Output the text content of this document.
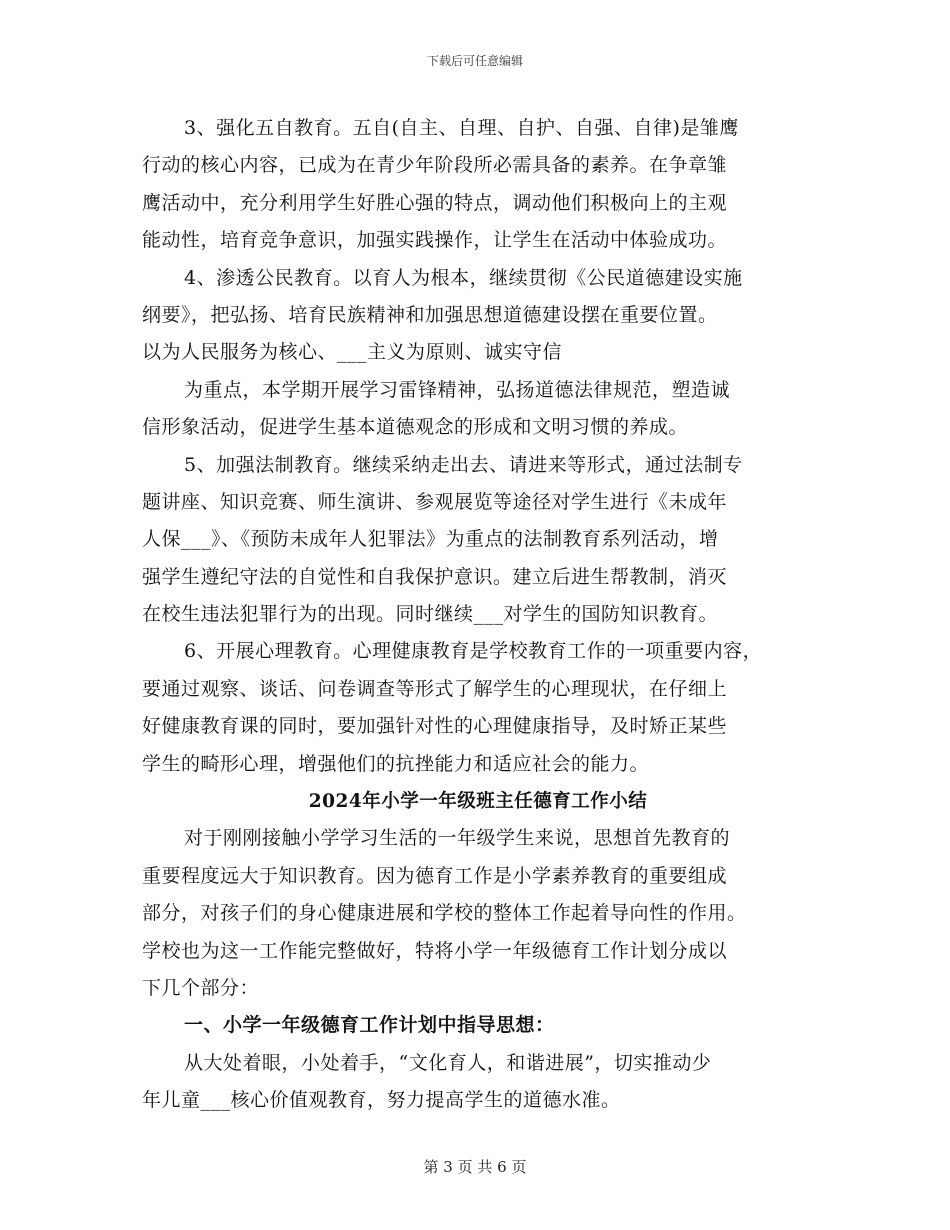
下载后可任意编辑
3、强化五自教育。五自(自主、自理、自护、自强、自律)是雏鹰
行动的核心内容，已成为在青少年阶段所必需具备的素养。在争章雏
鹰活动中，充分利用学生好胜心强的特点，调动他们积极向上的主观
能动性，培育竞争意识，加强实践操作，让学生在活动中体验成功。
4、渗透公民教育。以育人为根本，继续贯彻《公民道德建设实施
纲要》，把弘扬、培育民族精神和加强思想道德建设摆在重要位置。
以为人民服务为核心、___主义为原则、诚实守信
为重点，本学期开展学习雷锋精神，弘扬道德法律规范，塑造诚
信形象活动，促进学生基本道德观念的形成和文明习惯的养成。
5、加强法制教育。继续采纳走出去、请进来等形式，通过法制专
题讲座、知识竞赛、师生演讲、参观展览等途径对学生进行《未成年
人保___》、《预防未成年人犯罪法》为重点的法制教育系列活动，增
强学生遵纪守法的自觉性和自我保护意识。建立后进生帮教制，消灭
在校生违法犯罪行为的出现。同时继续___对学生的国防知识教育。
6、开展心理教育。心理健康教育是学校教育工作的一项重要内容，
要通过观察、谈话、问卷调查等形式了解学生的心理现状，在仔细上
好健康教育课的同时，要加强针对性的心理健康指导，及时矫正某些
学生的畸形心理，增强他们的抗挫能力和适应社会的能力。
2024年小学一年级班主任德育工作小结
对于刚刚接触小学学习生活的一年级学生来说，思想首先教育的
重要程度远大于知识教育。因为德育工作是小学素养教育的重要组成
部分，对孩子们的身心健康进展和学校的整体工作起着导向性的作用。
学校也为这一工作能完整做好，特将小学一年级德育工作计划分成以
下几个部分：
一、小学一年级德育工作计划中指导思想：
从大处着眼，小处着手，“文化育人，和谐进展”，切实推动少
年儿童___核心价值观教育，努力提高学生的道德水准。
第 3 页 共 6 页
